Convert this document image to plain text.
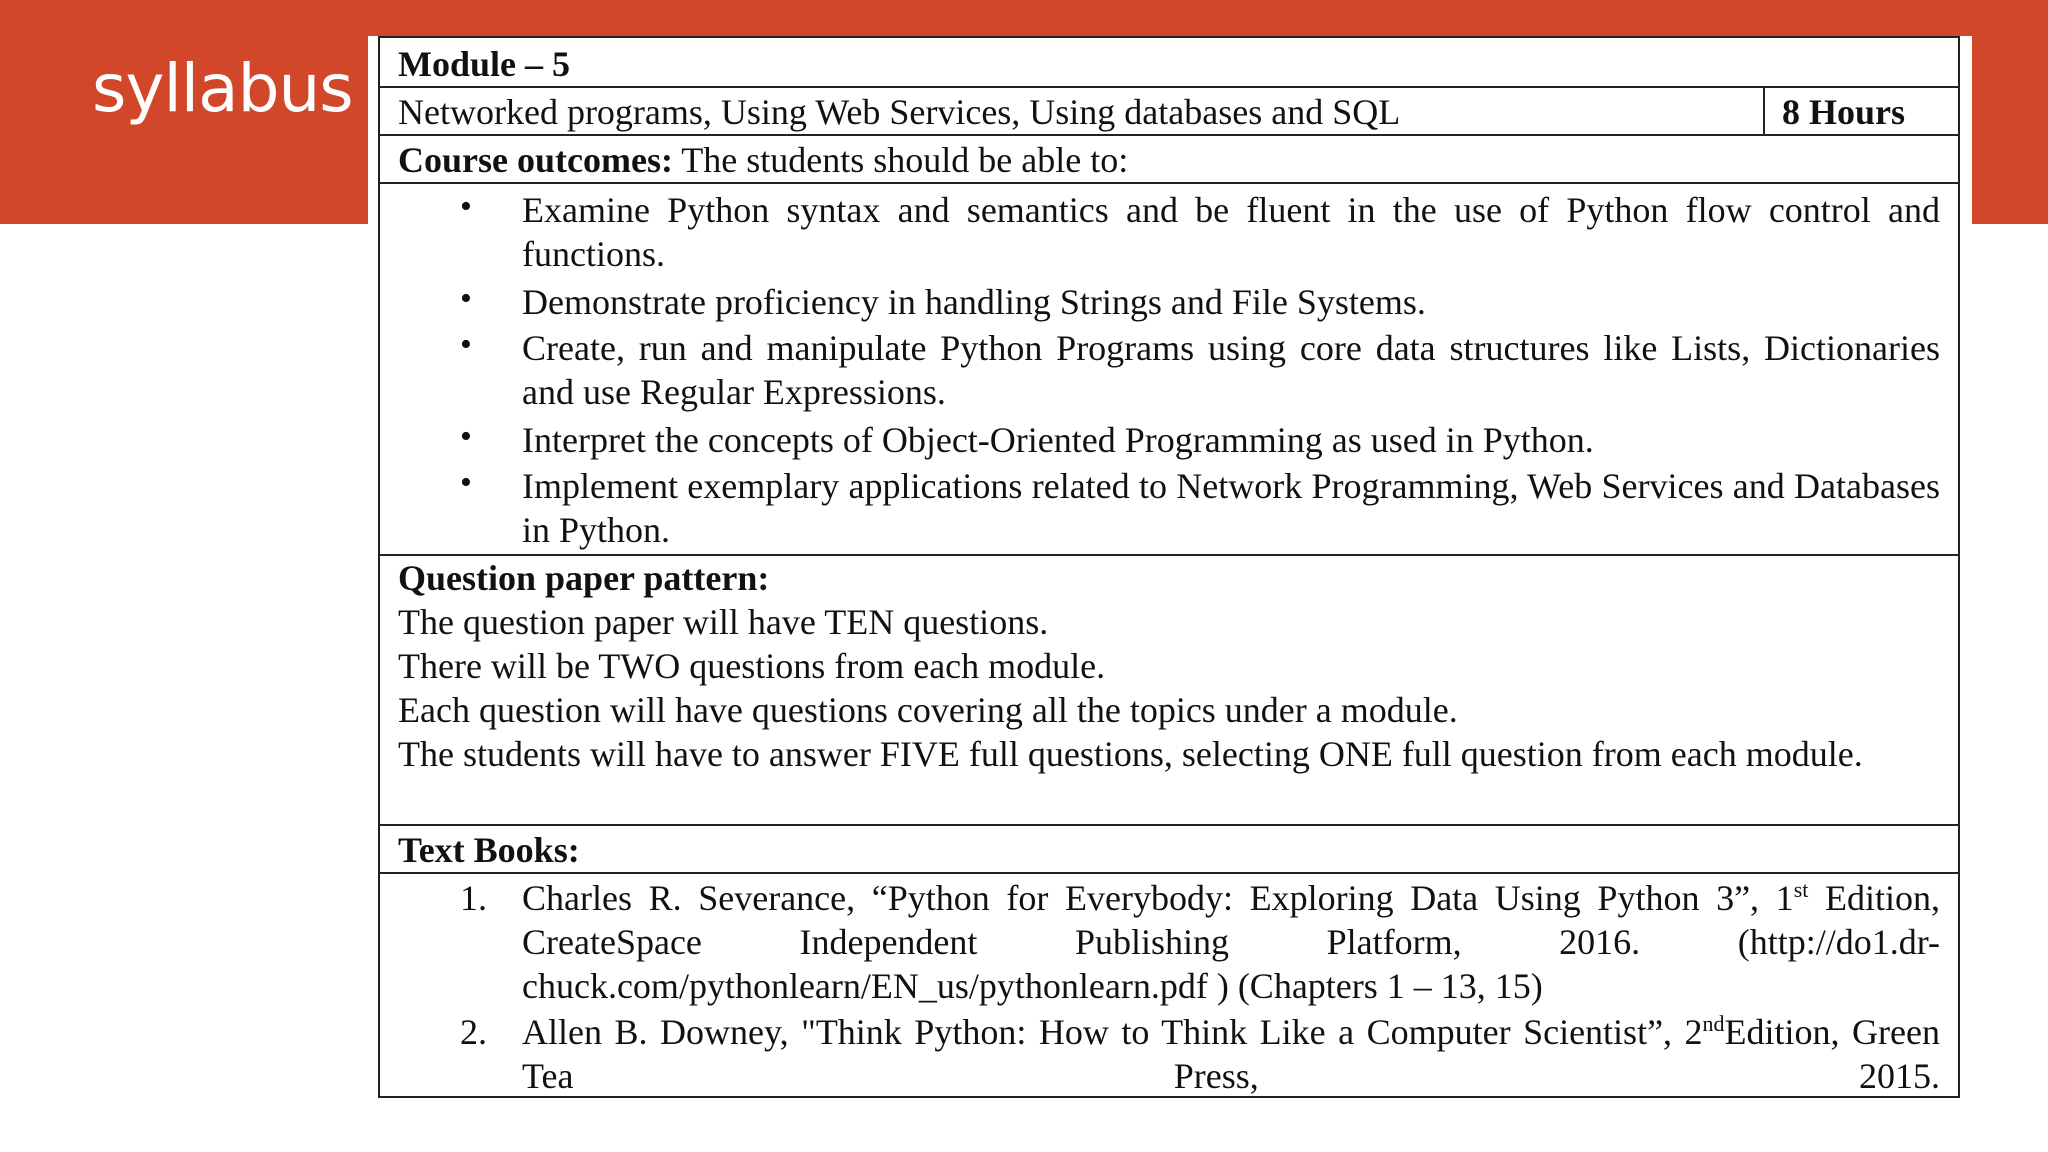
syllabus Module – 5
Networked programs, Using Web Services, Using databases and SQL	8 Hours
Course outcomes: The students should be able to:
• Examine Python syntax and semantics and be fluent in the use of Python flow control and functions.
• Demonstrate proficiency in handling Strings and File Systems.
• Create, run and manipulate Python Programs using core data structures like Lists, Dictionaries and use Regular Expressions.
• Interpret the concepts of Object-Oriented Programming as used in Python.
• Implement exemplary applications related to Network Programming, Web Services and Databases in Python.
Question paper pattern:
The question paper will have TEN questions.
There will be TWO questions from each module.
Each question will have questions covering all the topics under a module.
The students will have to answer FIVE full questions, selecting ONE full question from each module.
Text Books:
1. Charles R. Severance, “Python for Everybody: Exploring Data Using Python 3”, 1st Edition, CreateSpace Independent Publishing Platform, 2016. (http://do1.dr-chuck.com/pythonlearn/EN_us/pythonlearn.pdf ) (Chapters 1 – 13, 15)
2. Allen B. Downey, "Think Python: How to Think Like a Computer Scientist”, 2ndEdition, Green Tea Press, 2015.
